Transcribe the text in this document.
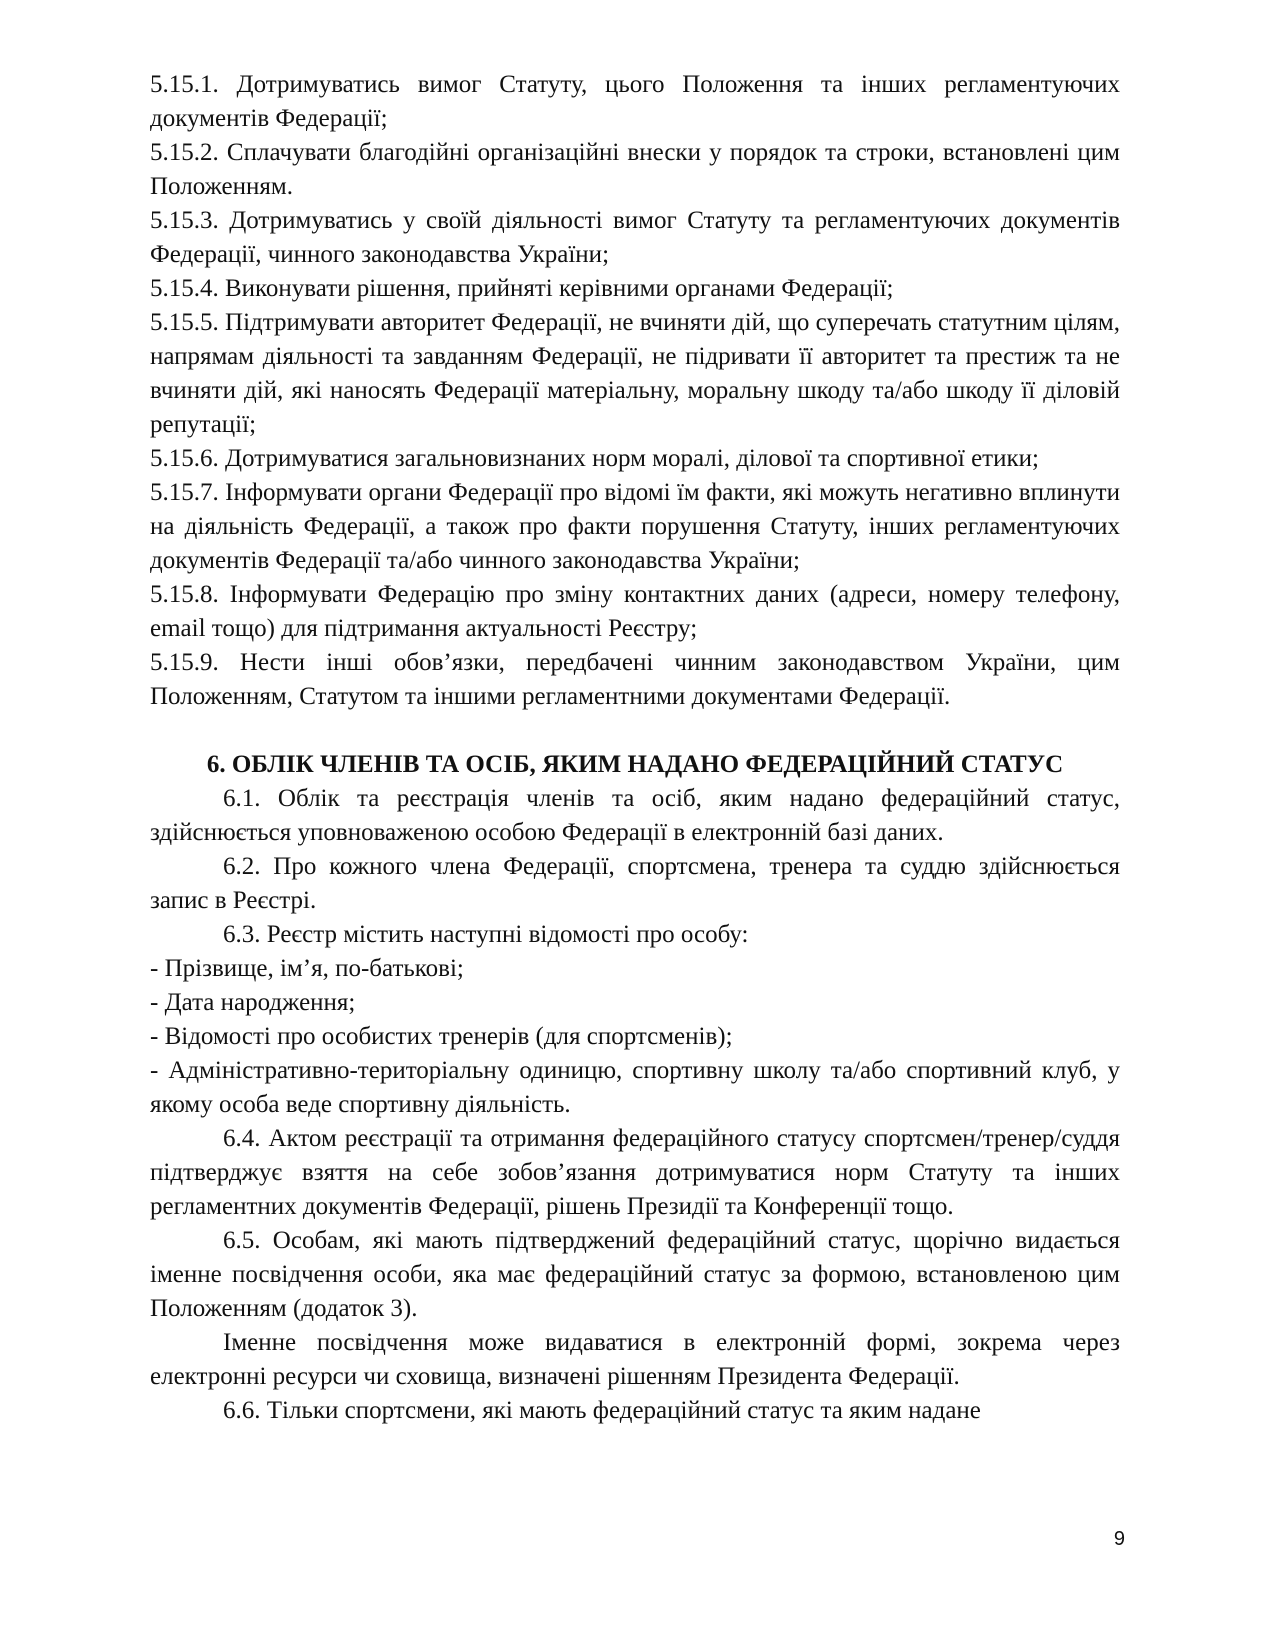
5.15.1. Дотримуватись вимог Статуту, цього Положення та інших регламентуючих документів Федерації;

5.15.2. Сплачувати благодійні організаційні внески у порядок та строки, встановлені цим Положенням.

5.15.3. Дотримуватись у своїй діяльності вимог Статуту та регламентуючих документів Федерації, чинного законодавства України;

5.15.4. Виконувати рішення, прийняті керівними органами Федерації;

5.15.5. Підтримувати авторитет Федерації, не вчиняти дій, що суперечать статутним цілям, напрямам діяльності та завданням Федерації, не підривати її авторитет та престиж та не вчиняти дій, які наносять Федерації матеріальну, моральну шкоду та/або шкоду її діловій репутації;

5.15.6. Дотримуватися загальновизнаних норм моралі, ділової та спортивної етики;

5.15.7. Інформувати органи Федерації про відомі їм факти, які можуть негативно вплинути на діяльність Федерації, а також про факти порушення Статуту, інших регламентуючих документів Федерації та/або чинного законодавства України;

5.15.8. Інформувати Федерацію про зміну контактних даних (адреси, номеру телефону, email тощо) для підтримання актуальності Реєстру;

5.15.9. Нести інші обов’язки, передбачені чинним законодавством України, цим Положенням, Статутом та іншими регламентними документами Федерації.

6. ОБЛІК ЧЛЕНІВ ТА ОСІБ, ЯКИМ НАДАНО ФЕДЕРАЦІЙНИЙ СТАТУС

6.1. Облік та реєстрація членів та осіб, яким надано федераційний статус, здійснюється уповноваженою особою Федерації в електронній базі даних.

6.2. Про кожного члена Федерації, спортсмена, тренера та суддю здійснюється запис в Реєстрі.

6.3. Реєстр містить наступні відомості про особу:

- Прізвище, ім’я, по-батькові;

- Дата народження;

- Відомості про особистих тренерів (для спортсменів);

- Адміністративно-територіальну одиницю, спортивну школу та/або спортивний клуб, у якому особа веде спортивну діяльність.

6.4. Актом реєстрації та отримання федераційного статусу спортсмен/тренер/суддя підтверджує взяття на себе зобов’язання дотримуватися норм Статуту та інших регламентних документів Федерації, рішень Президії та Конференції тощо.

6.5. Особам, які мають підтверджений федераційний статус, щорічно видається іменне посвідчення особи, яка має федераційний статус за формою, встановленою цим Положенням (додаток 3).

Іменне посвідчення може видаватися в електронній формі, зокрема через електронні ресурси чи сховища, визначені рішенням Президента Федерації.

6.6. Тільки спортсмени, які мають федераційний статус та яким надане

9
